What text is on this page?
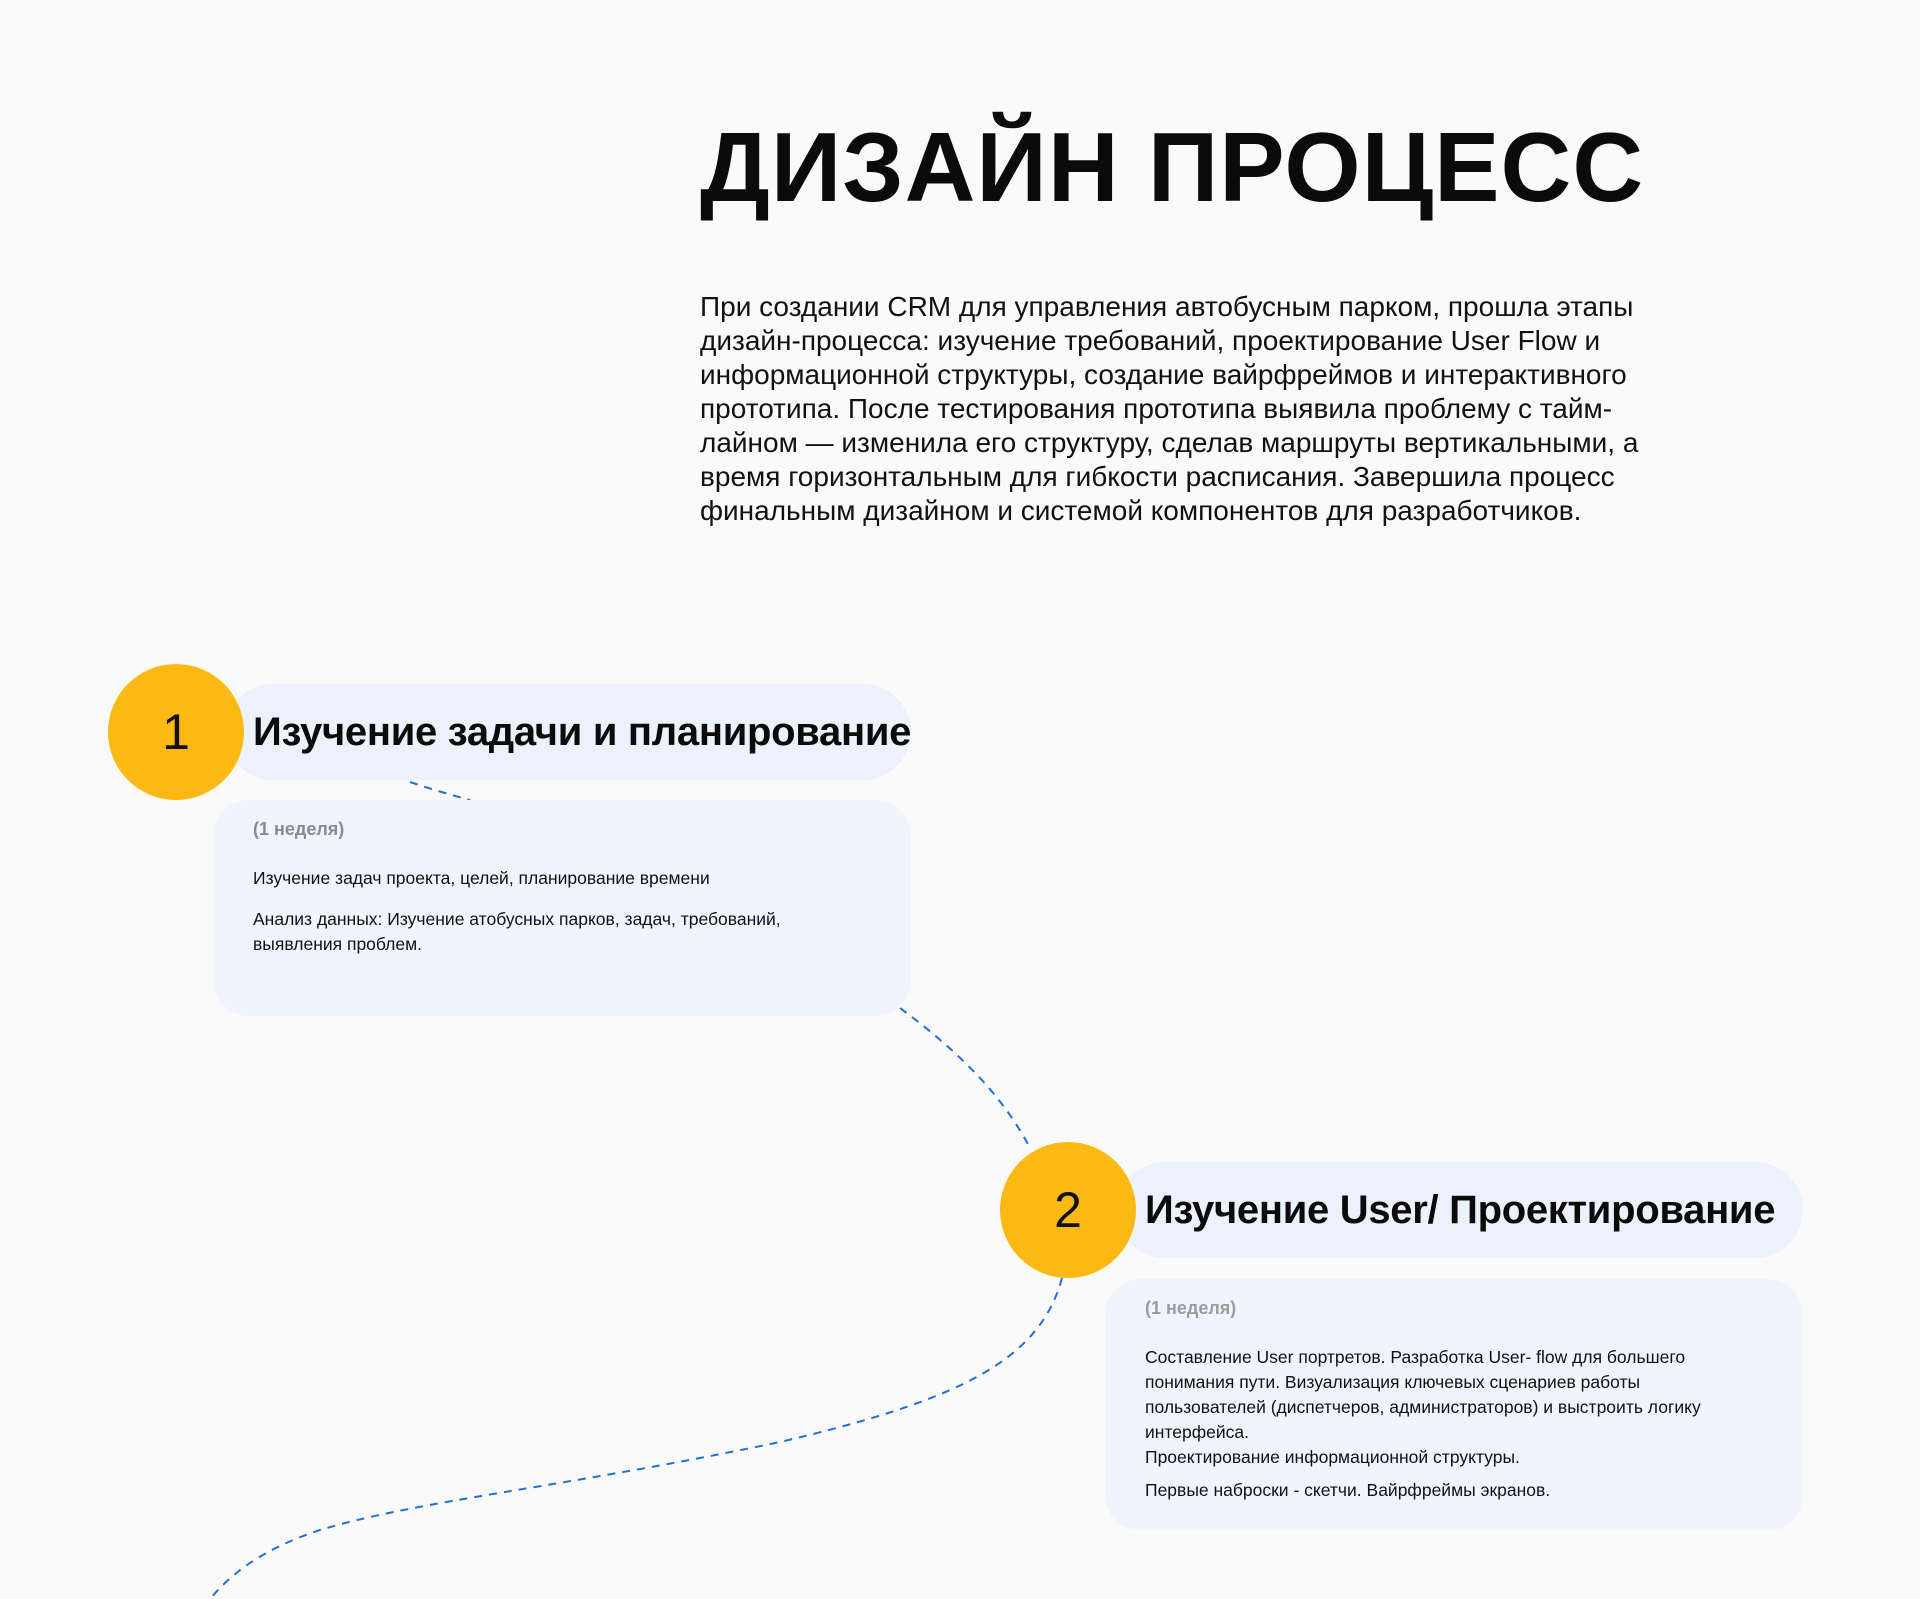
ДИЗАЙН ПРОЦЕСС

При создании CRM для управления автобусным парком, прошла этапы дизайн-процесса: изучение требований, проектирование User Flow и информационной структуры, создание вайрфреймов и интерактивного прототипа. После тестирования прототипа выявила проблему с тайм-лайном — изменила его структуру, сделав маршруты вертикальными, а время горизонтальным для гибкости расписания. Завершила процесс финальным дизайном и системой компонентов для разработчиков.

Изучение задачи и планирование
1

(1 неделя)

Изучение задач проекта, целей, планирование времени

Анализ данных: Изучение атобусных парков, задач, требований, выявления проблем.

Изучение User/ Проектирование
2

(1 неделя)

Составление User портретов. Разработка User- flow для большего понимания пути. Визуализация ключевых сценариев работы пользователей (диспетчеров, администраторов) и выстроить логику интерфейса.

Проектирование информационной структуры.

Первые наброски - скетчи. Вайрфреймы экранов.
